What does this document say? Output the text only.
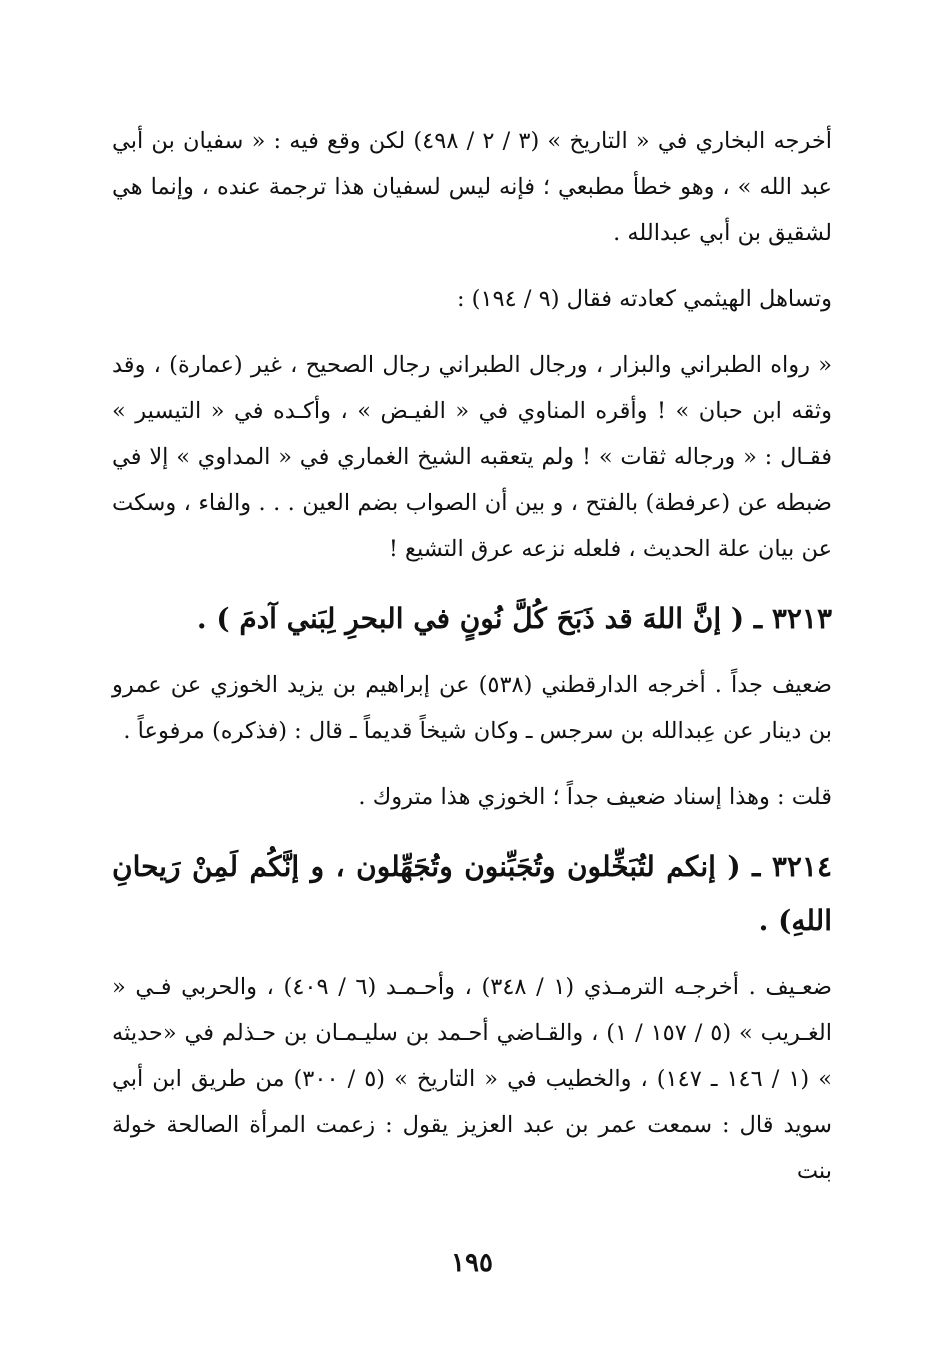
أخرجه البخاري في « التاريخ » (٣ / ٢ / ٤٩٨) لكن وقع فيه : « سفيان بن أبي عبد الله » ، وهو خطأ مطبعي ؛ فإنه ليس لسفيان هذا ترجمة عنده ، وإنما هي لشقيق بن أبي عبدالله .

وتساهل الهيثمي كعادته فقال (٩ / ١٩٤) :

« رواه الطبراني والبزار ، ورجال الطبراني رجال الصحيح ، غير (عمارة) ، وقد وثقه ابن حبان » ! وأقره المناوي في « الفيـض » ، وأكـده في « التيسير » فقـال : « ورجاله ثقات » ! ولم يتعقبه الشيخ الغماري في « المداوي » إلا في ضبطه عن (عرفطة) بالفتح ، و بين أن الصواب بضم العين . . . والفاء ، وسكت عن بيان علة الحديث ، فلعله نزعه عرق التشيع !

٣٢١٣ ـ ( إنَّ اللهَ قد ذَبَحَ كُلَّ نُونٍ في البحرِ لِبَني آدمَ ) .

ضعيف جداً . أخرجه الدارقطني (٥٣٨) عن إبراهيم بن يزيد الخوزي عن عمرو بن دينار عن عِبدالله بن سرجس ـ وكان شيخاً قديماً ـ قال : (فذكره) مرفوعاً .

قلت : وهذا إسناد ضعيف جداً ؛ الخوزي هذا متروك .

٣٢١٤ ـ ( إنكم لتُبَخِّلون وتُجَبِّنون وتُجَهِّلون ، و إنَّكُم لَمِنْ رَيحانِ اللهِ) .

ضعـيف . أخرجـه الترمـذي (١ / ٣٤٨) ، وأحـمـد (٦ / ٤٠٩) ، والحربي فـي « الغـريب » (٥ / ١٥٧ / ١) ، والقـاضي أحـمد بن سليـمـان بن حـذلم في «حديثه » (١ / ١٤٦ ـ ١٤٧) ، والخطيب في « التاريخ » (٥ / ٣٠٠) من طريق ابن أبي سويد قال : سمعت عمر بن عبد العزيز يقول : زعمت المرأة الصالحة خولة بنت

١٩٥
